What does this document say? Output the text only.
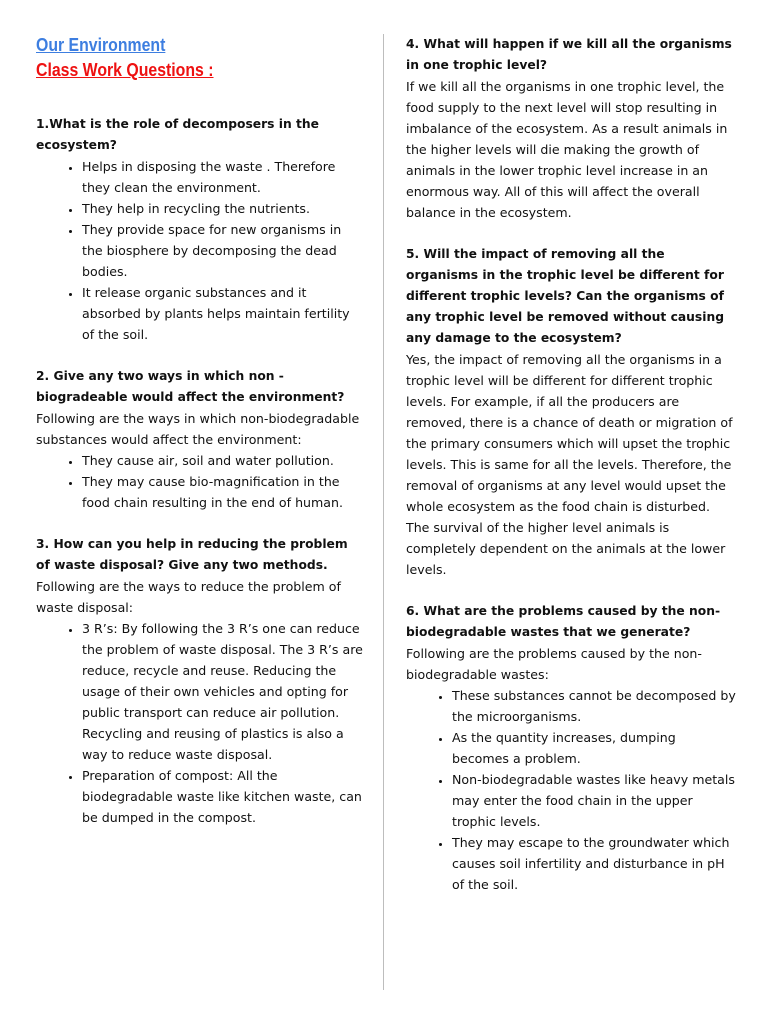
Our Environment
Class Work Questions :

1.What is the role of decomposers in the ecosystem?

• Helps in disposing the waste . Therefore they clean the environment.
• They help in recycling the nutrients.
• They provide space for new organisms in the biosphere by decomposing the dead bodies.
• It release organic substances and it absorbed by plants helps maintain fertility of the soil.

2. Give any two ways in which non -biogradeable would affect the environment?

Following are the ways in which non-biodegradable substances would affect the environment:

• They cause air, soil and water pollution.
• They may cause bio-magnification in the food chain resulting in the end of human.

3. How can you help in reducing the problem of waste disposal? Give any two methods.

Following are the ways to reduce the problem of waste disposal:

• 3 R’s: By following the 3 R’s one can reduce the problem of waste disposal. The 3 R’s are reduce, recycle and reuse. Reducing the usage of their own vehicles and opting for public transport can reduce air pollution. Recycling and reusing of plastics is also a way to reduce waste disposal.
• Preparation of compost: All the biodegradable waste like kitchen waste, can be dumped in the compost.

4. What will happen if we kill all the organisms in one trophic level?

If we kill all the organisms in one trophic level, the food supply to the next level will stop resulting in imbalance of the ecosystem. As a result animals in the higher levels will die making the growth of animals in the lower trophic level increase in an enormous way. All of this will affect the overall balance in the ecosystem.

5. Will the impact of removing all the organisms in the trophic level be different for different trophic levels? Can the organisms of any trophic level be removed without causing any damage to the ecosystem?

Yes, the impact of removing all the organisms in a trophic level will be different for different trophic levels. For example, if all the producers are removed, there is a chance of death or migration of the primary consumers which will upset the trophic levels. This is same for all the levels. Therefore, the removal of organisms at any level would upset the whole ecosystem as the food chain is disturbed. The survival of the higher level animals is completely dependent on the animals at the lower levels.

6. What are the problems caused by the non-biodegradable wastes that we generate?

Following are the problems caused by the non-biodegradable wastes:

• These substances cannot be decomposed by the microorganisms.
• As the quantity increases, dumping becomes a problem.
• Non-biodegradable wastes like heavy metals may enter the food chain in the upper trophic levels.
• They may escape to the groundwater which causes soil infertility and disturbance in pH of the soil.
